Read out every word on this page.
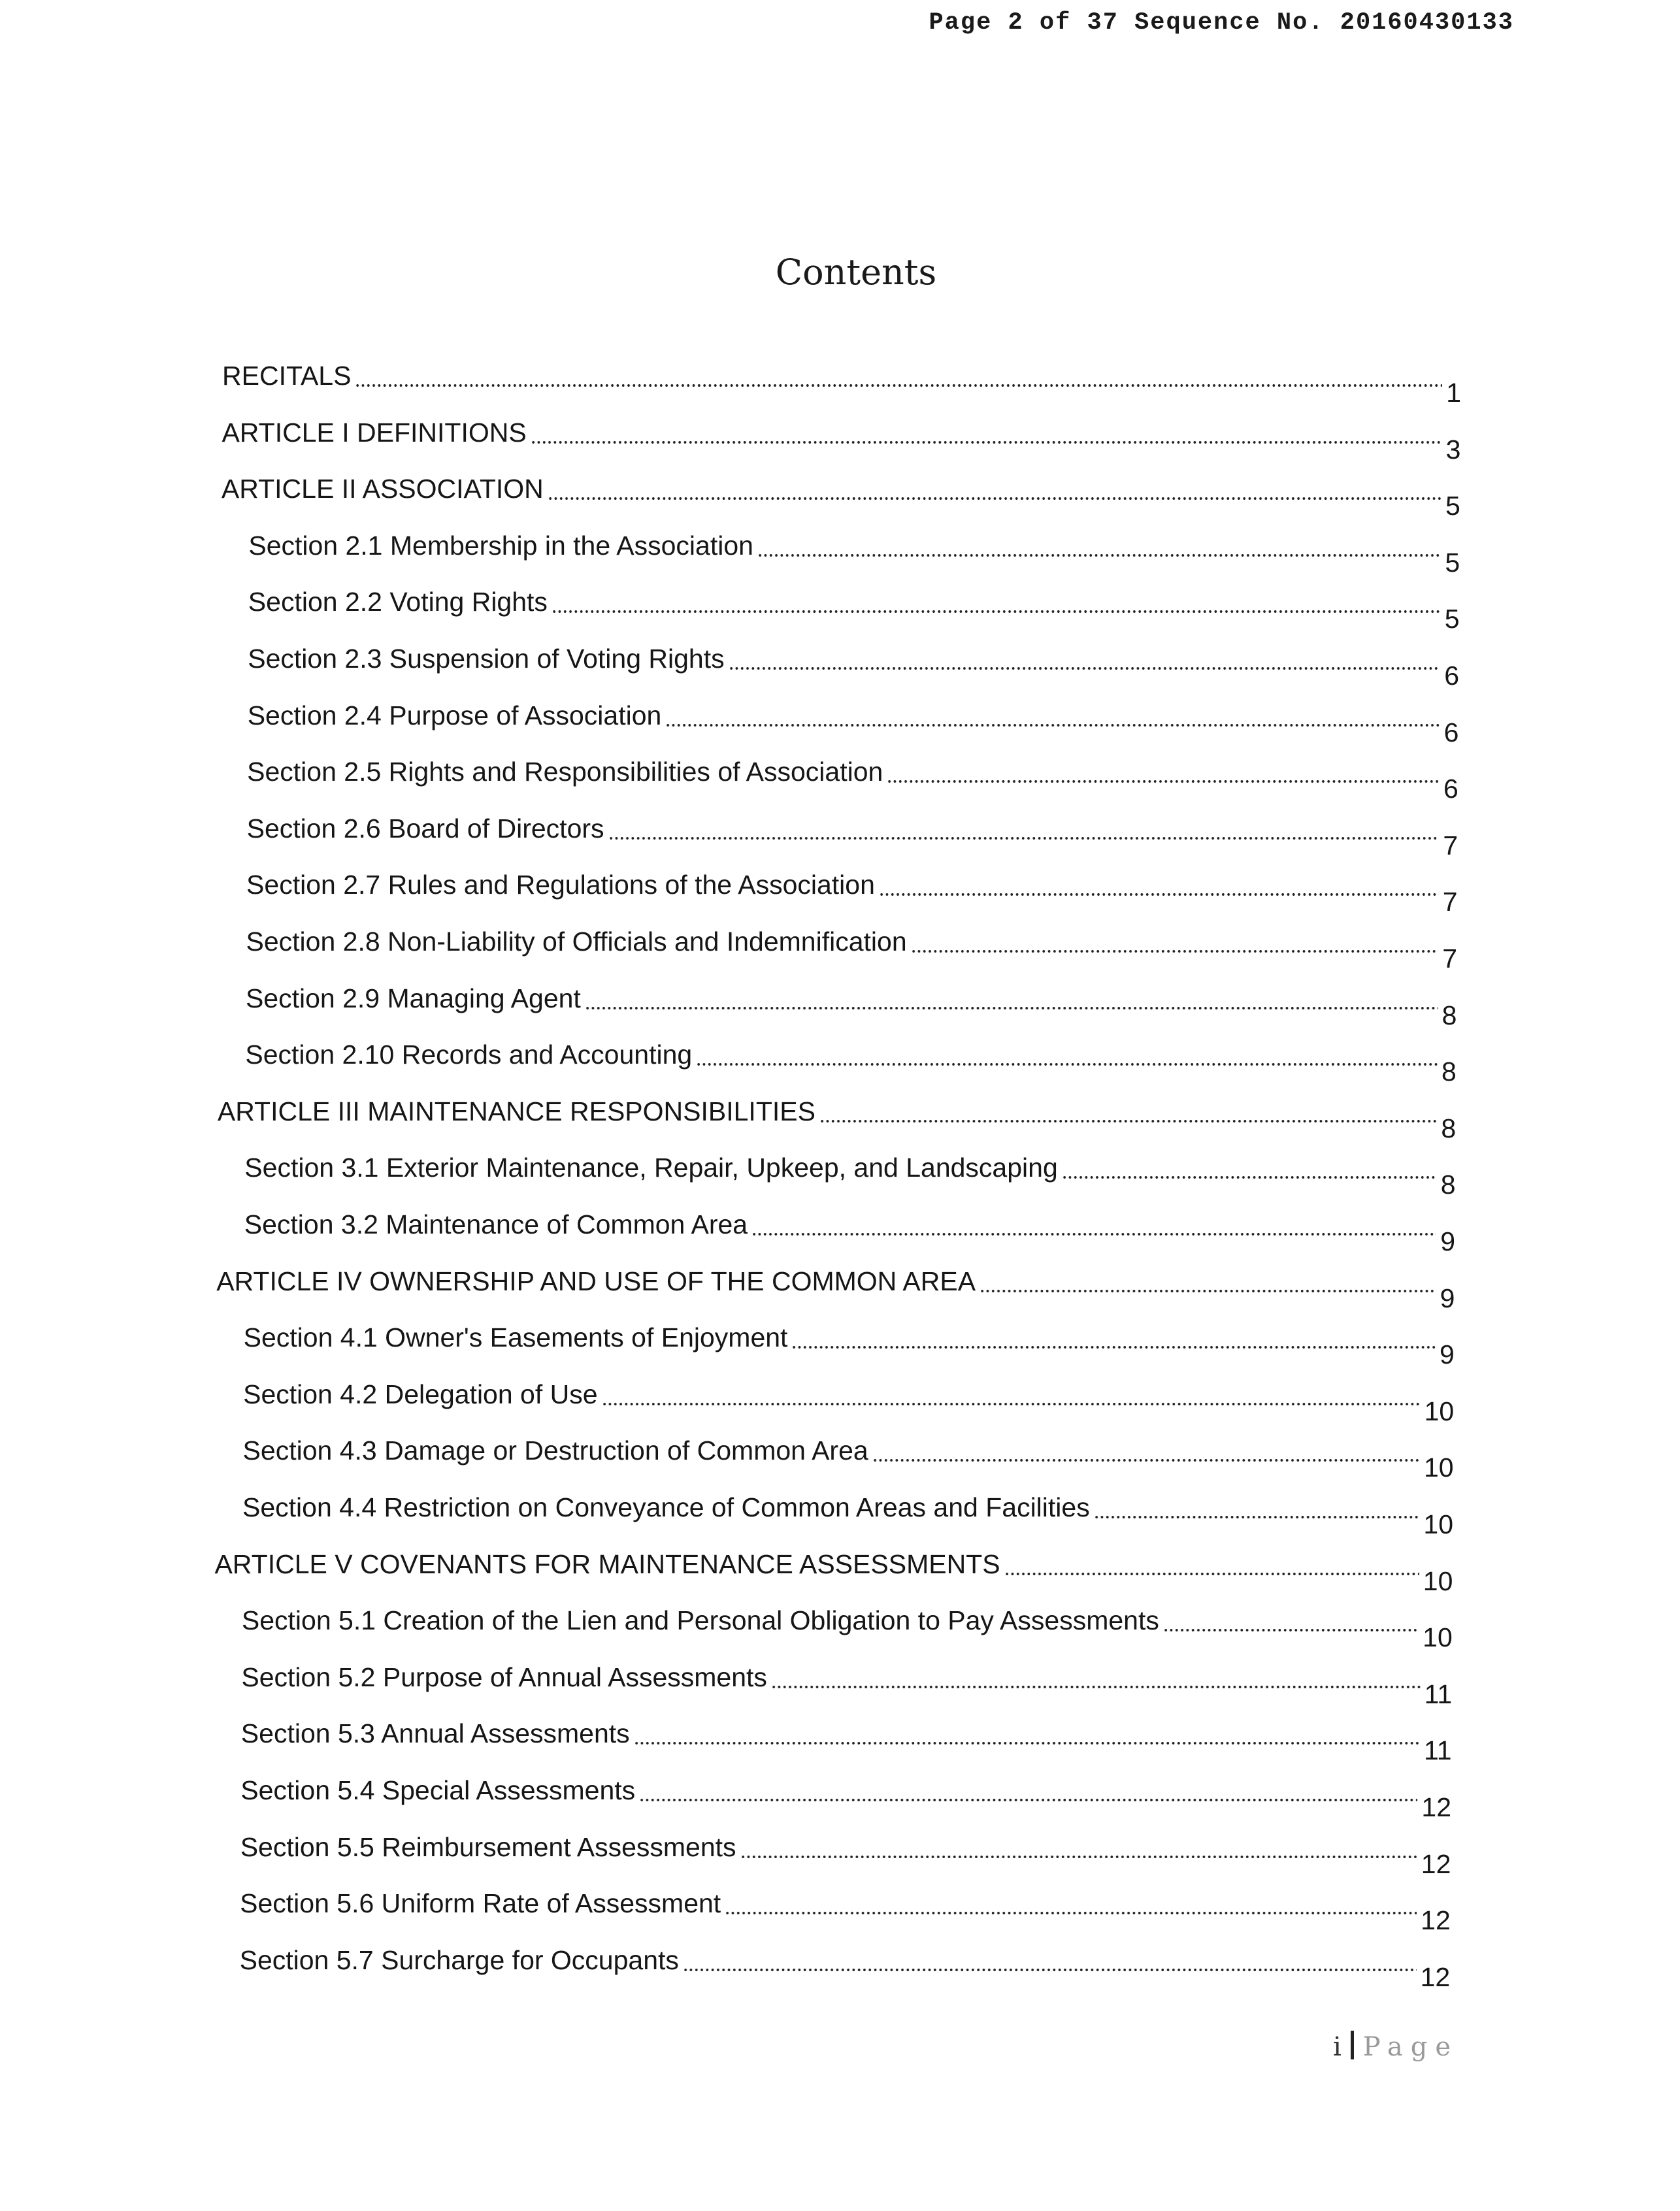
Page 2 of 37 Sequence No. 20160430133
Contents
RECITALS
1
ARTICLE I DEFINITIONS
3
ARTICLE II ASSOCIATION
5
Section 2.1 Membership in the Association
5
Section 2.2 Voting Rights
5
Section 2.3 Suspension of Voting Rights
6
Section 2.4 Purpose of Association
6
Section 2.5 Rights and Responsibilities of Association
6
Section 2.6 Board of Directors
7
Section 2.7 Rules and Regulations of the Association
7
Section 2.8 Non-Liability of Officials and Indemnification
7
Section 2.9 Managing Agent
8
Section 2.10 Records and Accounting
8
ARTICLE III MAINTENANCE RESPONSIBILITIES
8
Section 3.1 Exterior Maintenance, Repair, Upkeep, and Landscaping
8
Section 3.2 Maintenance of Common Area
9
ARTICLE IV OWNERSHIP AND USE OF THE COMMON AREA
9
Section 4.1 Owner's Easements of Enjoyment
9
Section 4.2 Delegation of Use
10
Section 4.3 Damage or Destruction of Common Area
10
Section 4.4 Restriction on Conveyance of Common Areas and Facilities
10
ARTICLE V COVENANTS FOR MAINTENANCE ASSESSMENTS
10
Section 5.1 Creation of the Lien and Personal Obligation to Pay Assessments
10
Section 5.2 Purpose of Annual Assessments
11
Section 5.3 Annual Assessments
11
Section 5.4 Special Assessments
12
Section 5.5 Reimbursement Assessments
12
Section 5.6 Uniform Rate of Assessment
12
Section 5.7 Surcharge for Occupants
12
i Page
